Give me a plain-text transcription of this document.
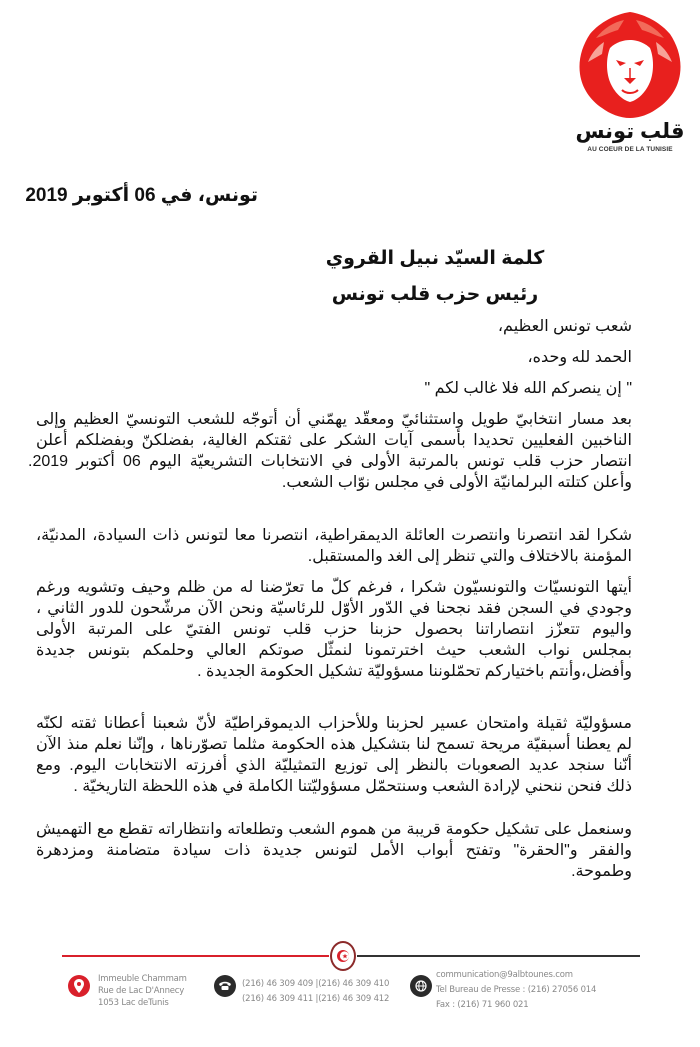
قلب تونس
AU COEUR DE LA TUNISIE
تونس، في 06 أكتوبر 2019
كلمة السيّد نبيل القروي
رئيس حزب قلب تونس
شعب تونس العظيم،
الحمد لله وحده،
" إن ينصركم الله فلا غالب لكم "
بعد مسار انتخابيّ طويل واستثنائيّ ومعقّد يهمّني أن أتوجّه للشعب التونسيّ العظيم وإلى
الناخبين الفعليين تحديدا بأسمى آيات الشكر على ثقتكم الغالية، بفضلكنّ وبفضلكم أعلن
انتصار حزب قلب تونس بالمرتبة الأولى في الانتخابات التشريعيّة اليوم 06 أكتوبر 2019.
وأعلن كتلته البرلمانيّة الأولى في مجلس نوّاب الشعب.
شكرا لقد انتصرنا وانتصرت العائلة الديمقراطية، انتصرنا معا لتونس ذات السيادة، المدنيّة،
المؤمنة بالاختلاف والتي تنظر إلى الغد والمستقبل.
أيتها التونسيّات والتونسيّون شكرا ، فرغم كلّ ما تعرّضنا له من ظلم وحيف وتشويه ورغم
وجودي في السجن فقد نجحنا في الدّور الأوّل للرئاسيّة ونحن الآن مرشّحون للدور الثاني ،
واليوم تتعزّز انتصاراتنا بحصول حزبنا حزب قلب تونس الفتيّ على المرتبة الأولى
بمجلس نواب الشعب حيث اخترتمونا لنمثّل صوتكم العالي وحلمكم بتونس جديدة
وأفضل،وأنتم باختياركم تحمّلوننا مسؤوليّة تشكيل الحكومة الجديدة .
مسؤوليّة ثقيلة وامتحان عسير لحزبنا وللأحزاب الديموقراطيّة لأنّ شعبنا أعطانا ثقته لكنّه
لم يعطنا أسبقيّة مريحة تسمح لنا بتشكيل هذه الحكومة مثلما تصوّرناها ، وإنّنا نعلم منذ الآن
أنّنا سنجد عديد الصعوبات بالنظر إلى توزيع التمثيليّة الذي أفرزته الانتخابات اليوم. ومع
ذلك فنحن ننحني لإرادة الشعب وسنتحمّل مسؤوليّتنا الكاملة في هذه اللحظة التاريخيّة .
وسنعمل على تشكيل حكومة قريبة من هموم الشعب وتطلعاته وانتظاراته تقطع مع التهميش
والفقر و"الحقرة" وتفتح أبواب الأمل لتونس جديدة ذات سيادة متضامنة ومزدهرة
وطموحة.
Immeuble Chammam
Rue de Lac D'Annecy
1053 Lac deTunis
(216) 46 309 409 |(216) 46 309 410
(216) 46 309 411 |(216) 46 309 412
communication@9albtounes.com
Tel Bureau de Presse : (216) 27056 014
Fax : (216) 71 960 021
